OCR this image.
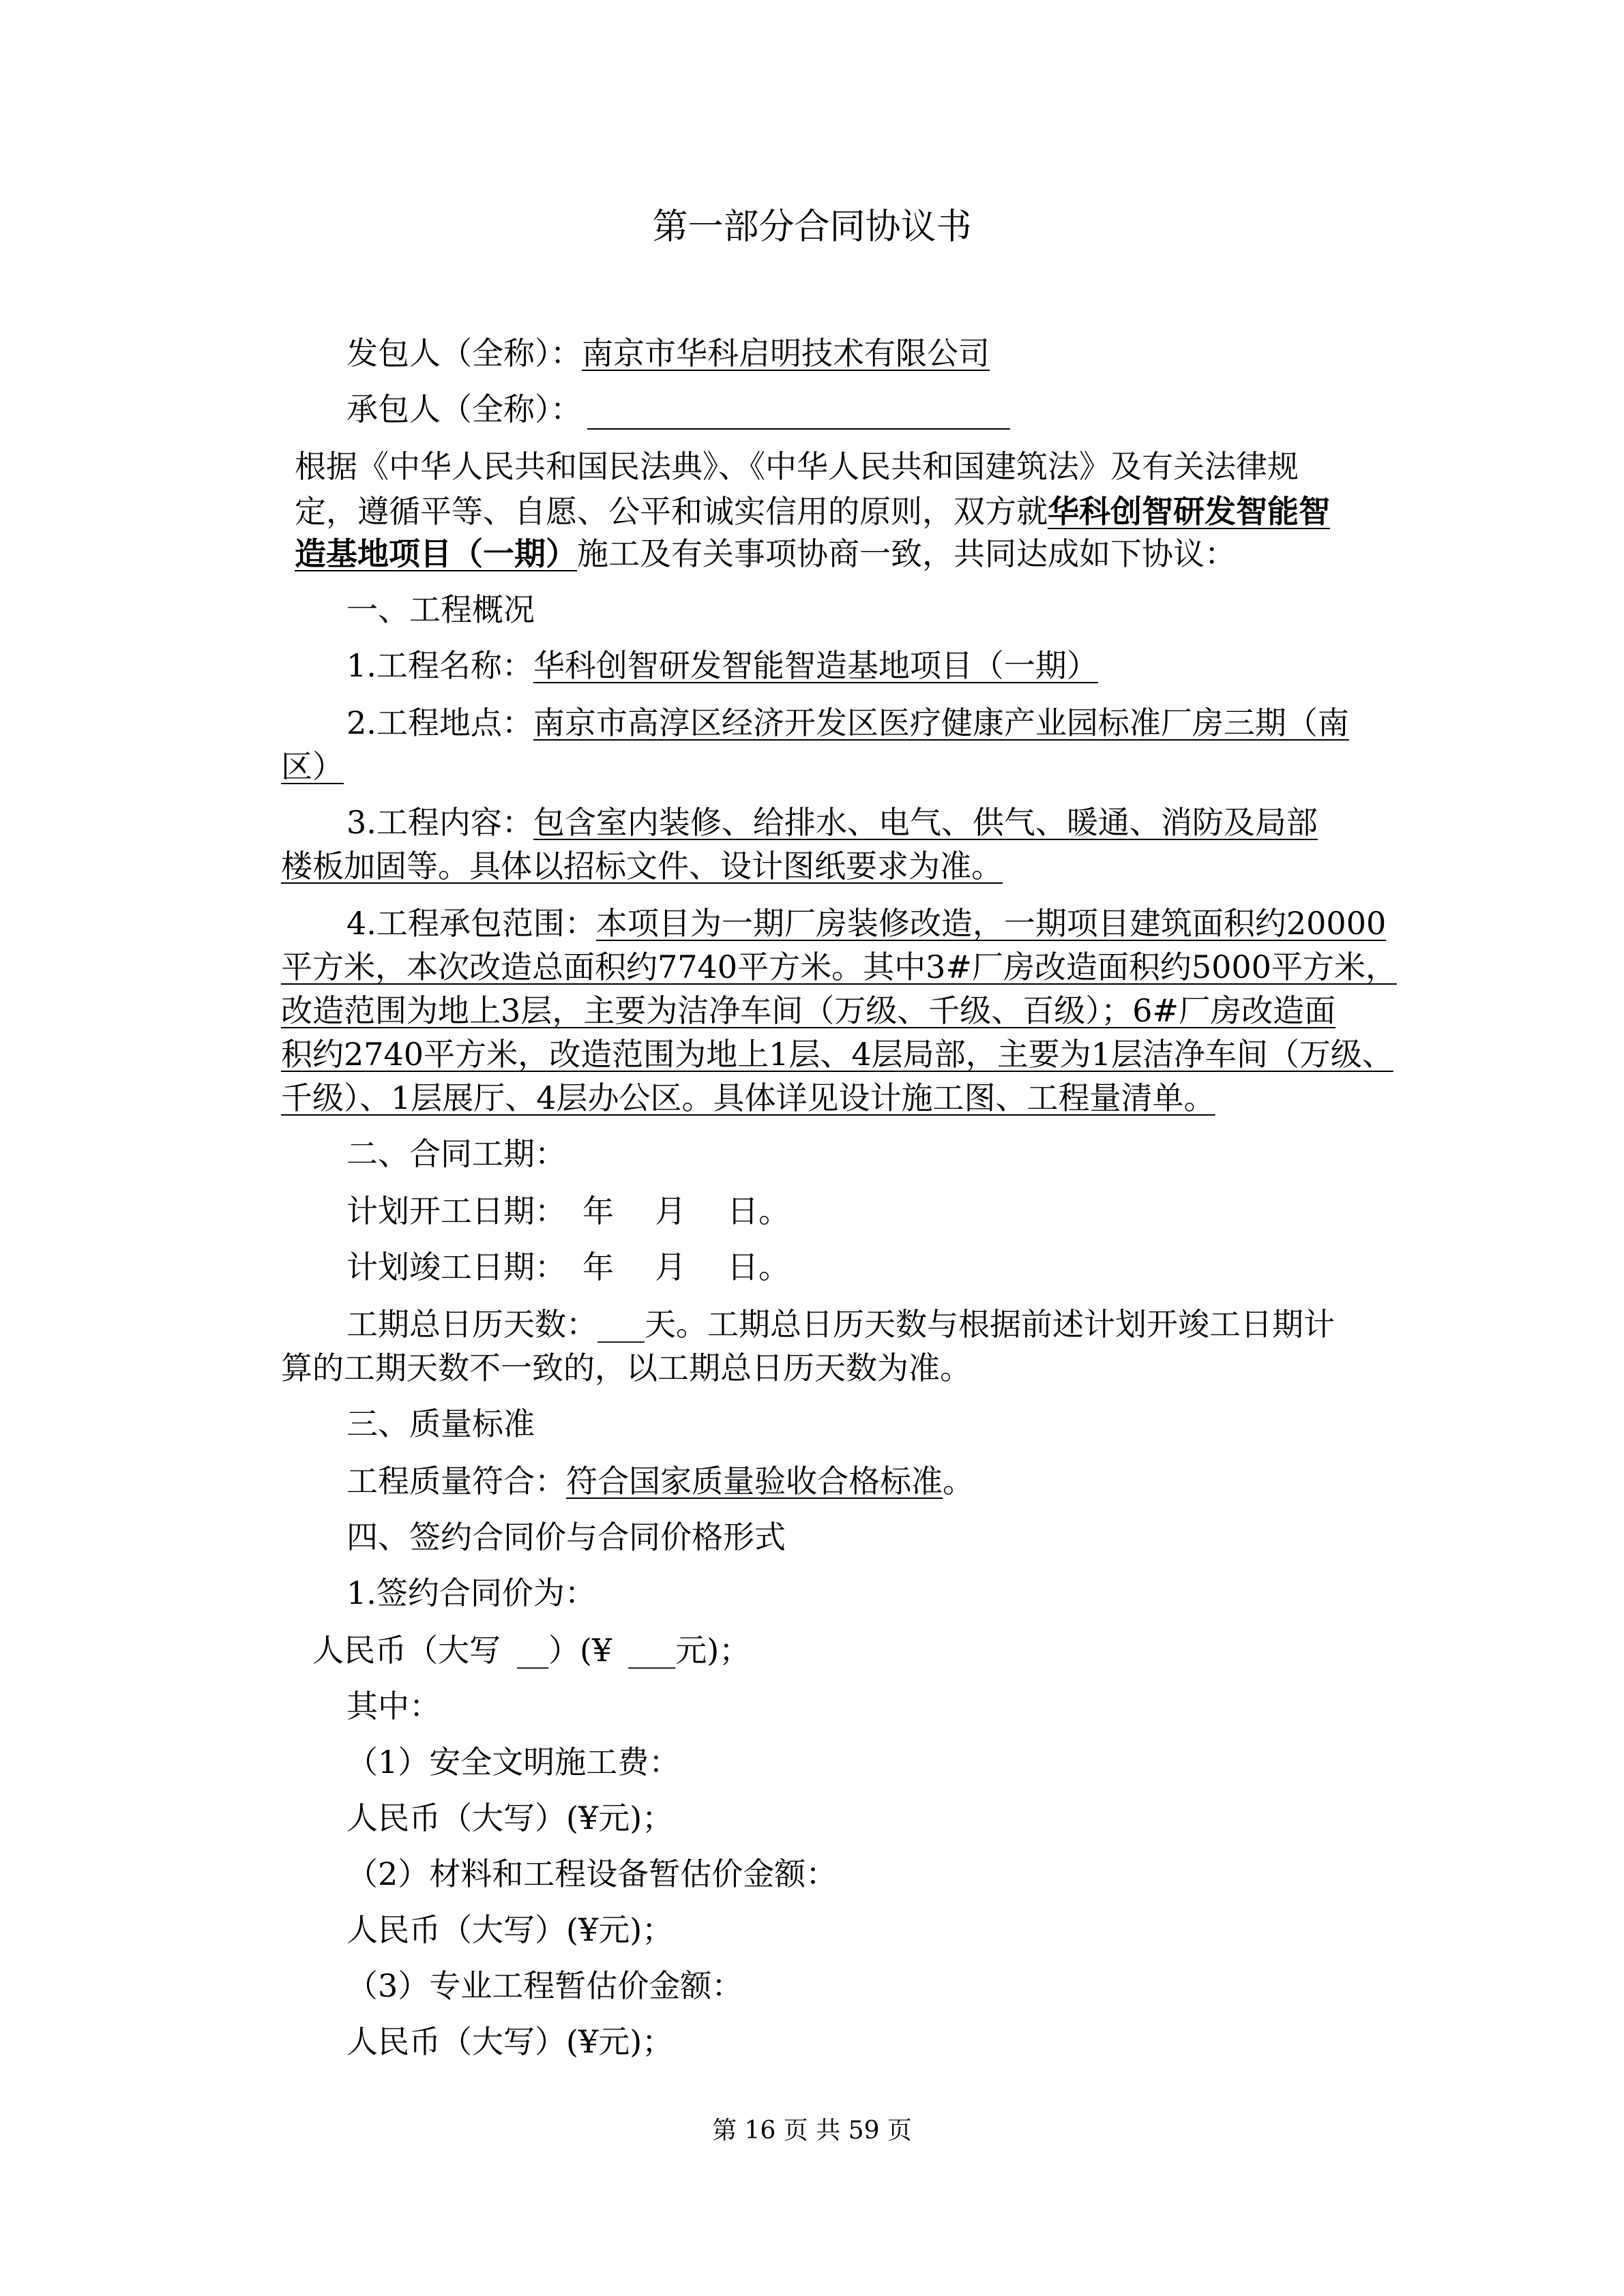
第一部分合同协议书
发包人（全称）：南京市华科启明技术有限公司
承包人（全称）：
根据《中华人民共和国民法典》、《中华人民共和国建筑法》及有关法律规
定，遵循平等、自愿、公平和诚实信用的原则，双方就华科创智研发智能智
造基地项目（一期）施工及有关事项协商一致，共同达成如下协议：
一、工程概况
1.工程名称：华科创智研发智能智造基地项目（一期）
2.工程地点：南京市高淳区经济开发区医疗健康产业园标准厂房三期（南
区）
3.工程内容：包含室内装修、给排水、电气、供气、暖通、消防及局部
楼板加固等。具体以招标文件、设计图纸要求为准。
4.工程承包范围：本项目为一期厂房装修改造，一期项目建筑面积约20000
平方米，本次改造总面积约7740平方米。其中3#厂房改造面积约5000平方米，
改造范围为地上3层，主要为洁净车间（万级、千级、百级）；6#厂房改造面
积约2740平方米，改造范围为地上1层、4层局部，主要为1层洁净车间（万级、
千级）、1层展厅、4层办公区。具体详见设计施工图、工程量清单。
二、合同工期：
计划开工日期： 年 月 日。
计划竣工日期： 年 月 日。
工期总日历天数：___天。工期总日历天数与根据前述计划开竣工日期计
算的工期天数不一致的，以工期总日历天数为准。
三、质量标准
工程质量符合：符合国家质量验收合格标准。
四、签约合同价与合同价格形式
1.签约合同价为：
人民币（大写 __）(¥ ___元)；
其中：
（1）安全文明施工费：
人民币（大写）(¥元)；
（2）材料和工程设备暂估价金额：
人民币（大写）(¥元)；
（3）专业工程暂估价金额：
人民币（大写）(¥元)；
第 16 页 共 59 页
